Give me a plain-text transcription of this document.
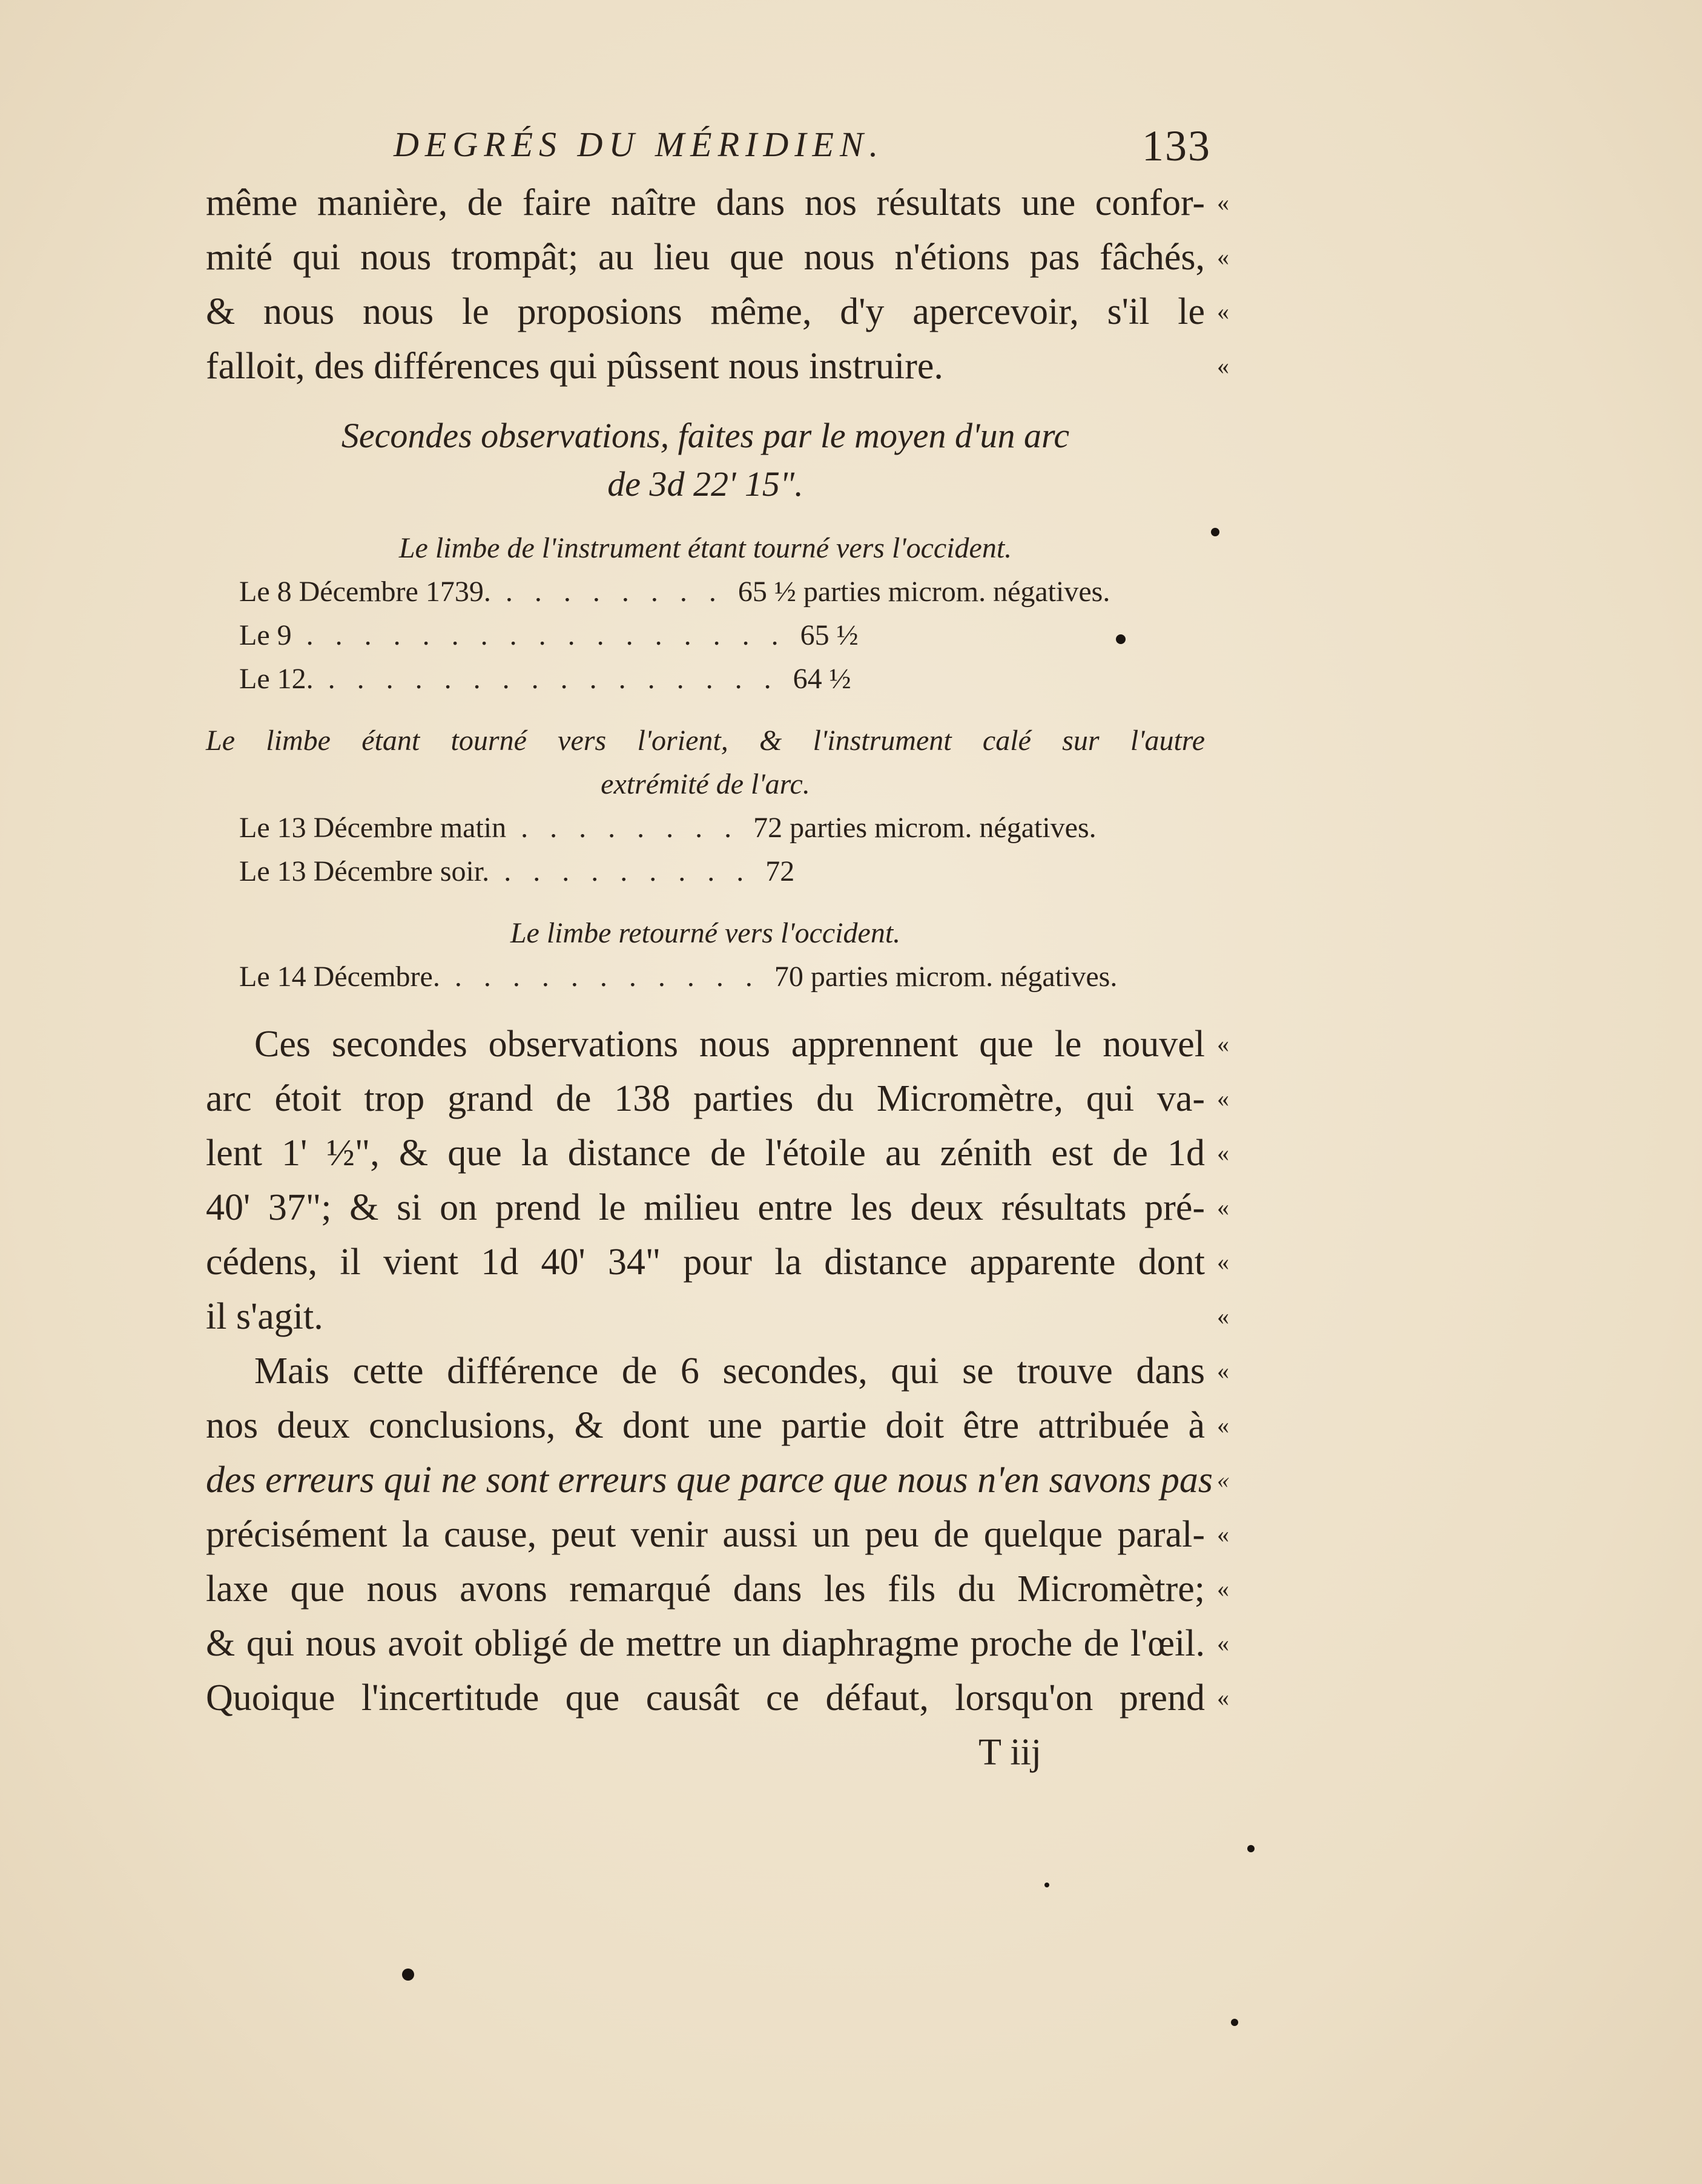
DEGRÉS DU MÉRIDIEN.	133
même manière, de faire naître dans nos résultats une confor- «
mité qui nous trompât; au lieu que nous n'étions pas fâchés, «
& nous nous le proposions même, d'y apercevoir, s'il le «
falloit, des différences qui pûssent nous instruire.	«
Secondes observations, faites par le moyen d'un arc
de 3d 22' 15".
Le limbe de l'instrument étant tourné vers l'occident.
Le 8 Décembre 1739. . . . . . . . . 65 ½ parties microm. négatives.
Le 9 . . . . . . . . . . . . . . . . . 65 ½
Le 12. . . . . . . . . . . . . . . . . 64 ½
Le limbe étant tourné vers l'orient, & l'instrument calé sur l'autre
extrémité de l'arc.
Le 13 Décembre matin . . . . . . . . 72 parties microm. négatives.
Le 13 Décembre soir. . . . . . . . . . 72
Le limbe retourné vers l'occident.
Le 14 Décembre. . . . . . . . . . . . 70 parties microm. négatives.
Ces secondes observations nous apprennent que le nouvel «
arc étoit trop grand de 138 parties du Micromètre, qui va- «
lent 1' ½", & que la distance de l'étoile au zénith est de 1d «
40' 37"; & si on prend le milieu entre les deux résultats pré- «
cédens, il vient 1d 40' 34" pour la distance apparente dont «
il s'agit.	«
Mais cette différence de 6 secondes, qui se trouve dans «
nos deux conclusions, & dont une partie doit être attribuée à «
des erreurs qui ne sont erreurs que parce que nous n'en savons pas «
précisément la cause, peut venir aussi un peu de quelque paral- «
laxe que nous avons remarqué dans les fils du Micromètre; «
& qui nous avoit obligé de mettre un diaphragme proche de l'œil. «
Quoique l'incertitude que causât ce défaut, lorsqu'on prend «
T iij
